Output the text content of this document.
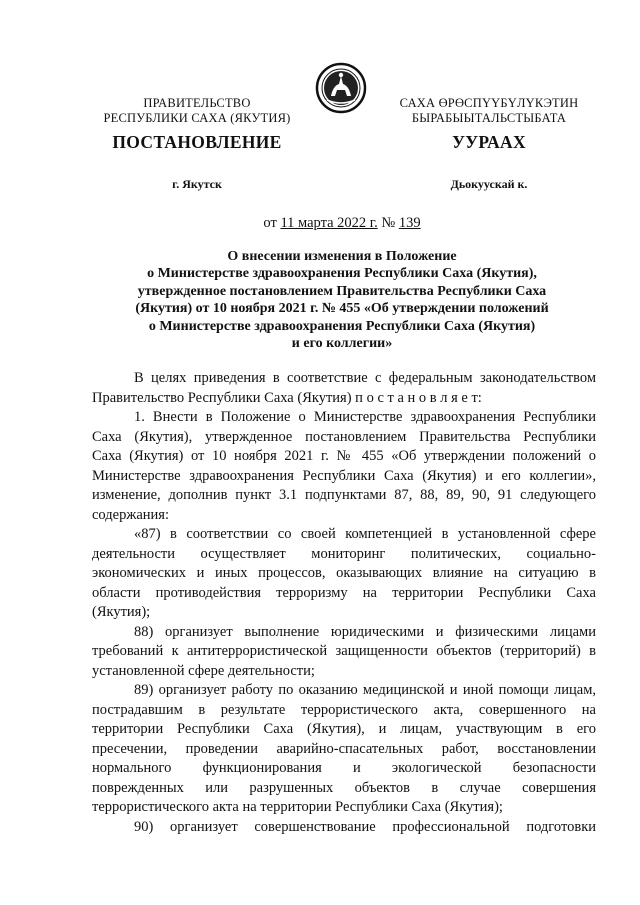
ПРАВИТЕЛЬСТВО
РЕСПУБЛИКИ САХА (ЯКУТИЯ)
САХА ӨРӨСПҮҮБҮЛҮКЭТИН
БЫРАБЫЫТАЛЬСТЫБАТА
ПОСТАНОВЛЕНИЕ	УУРААХ
г. Якутск	Дьокуускай к.
от 11 марта 2022 г. № 139
О внесении изменения в Положение
о Министерстве здравоохранения Республики Саха (Якутия),
утвержденное постановлением Правительства Республики Саха
(Якутия) от 10 ноября 2021 г. № 455 «Об утверждении положений
о Министерстве здравоохранения Республики Саха (Якутия)
и его коллегии»
В целях приведения в соответствие с федеральным законодательством
Правительство Республики Саха (Якутия) п о с т а н о в л я е т:
1. Внести в Положение о Министерстве здравоохранения Республики
Саха (Якутия), утвержденное постановлением Правительства Республики
Саха (Якутия) от 10 ноября 2021 г. № 455 «Об утверждении положений о
Министерстве здравоохранения Республики Саха (Якутия) и его коллегии»,
изменение, дополнив пункт 3.1 подпунктами 87, 88, 89, 90, 91 следующего
содержания:
«87) в соответствии со своей компетенцией в установленной сфере
деятельности осуществляет мониторинг политических, социально-
экономических и иных процессов, оказывающих влияние на ситуацию в
области противодействия терроризму на территории Республики Саха
(Якутия);
88) организует выполнение юридическими и физическими лицами
требований к антитеррористической защищенности объектов (территорий) в
установленной сфере деятельности;
89) организует работу по оказанию медицинской и иной помощи лицам,
пострадавшим в результате террористического акта, совершенного на
территории Республики Саха (Якутия), и лицам, участвующим в его
пресечении, проведении аварийно-спасательных работ, восстановлении
нормального функционирования и экологической безопасности
поврежденных или разрушенных объектов в случае совершения
террористического акта на территории Республики Саха (Якутия);
90) организует совершенствование профессиональной подготовки
